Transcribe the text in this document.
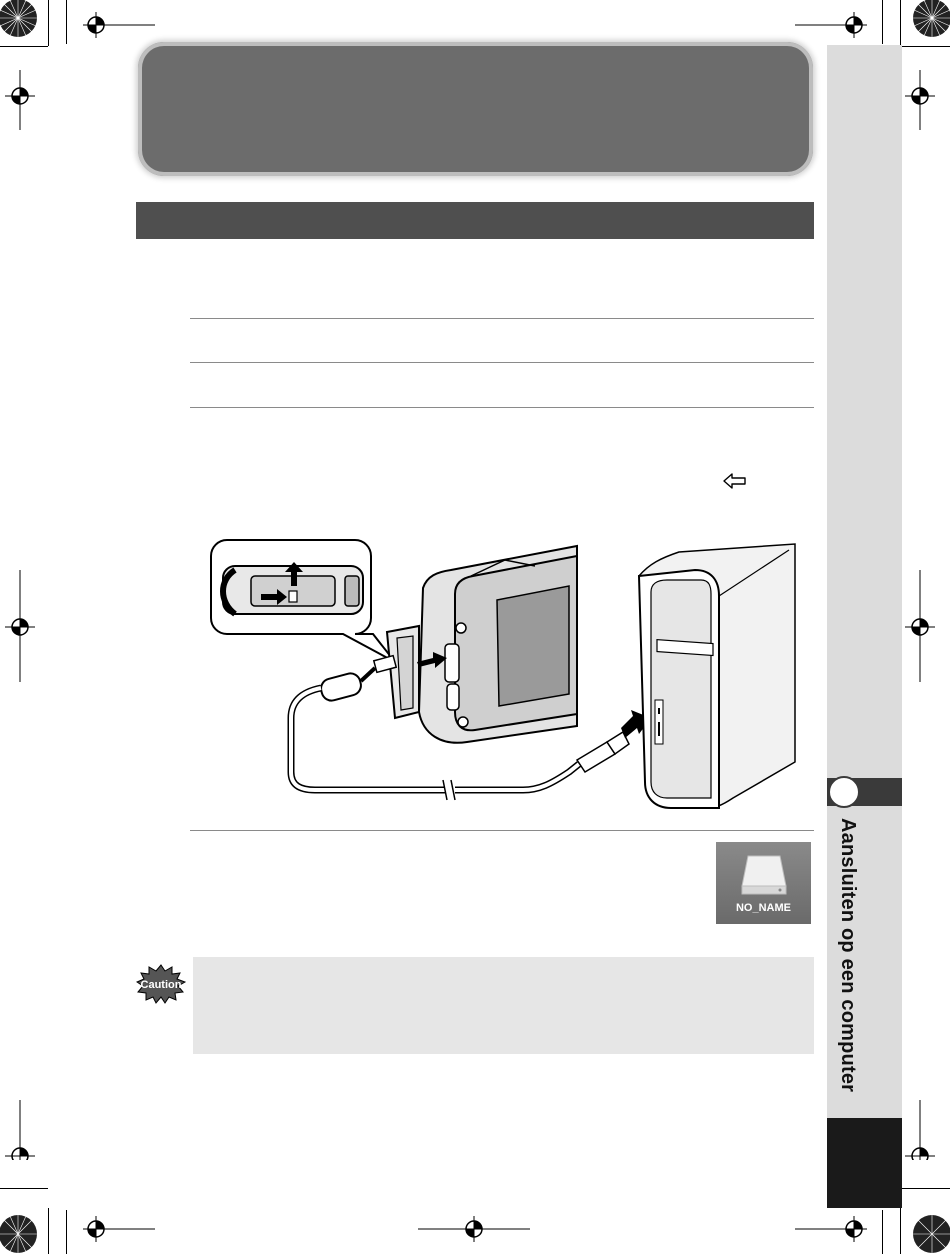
Aansluiten op een computer
NO_NAME
Caution
